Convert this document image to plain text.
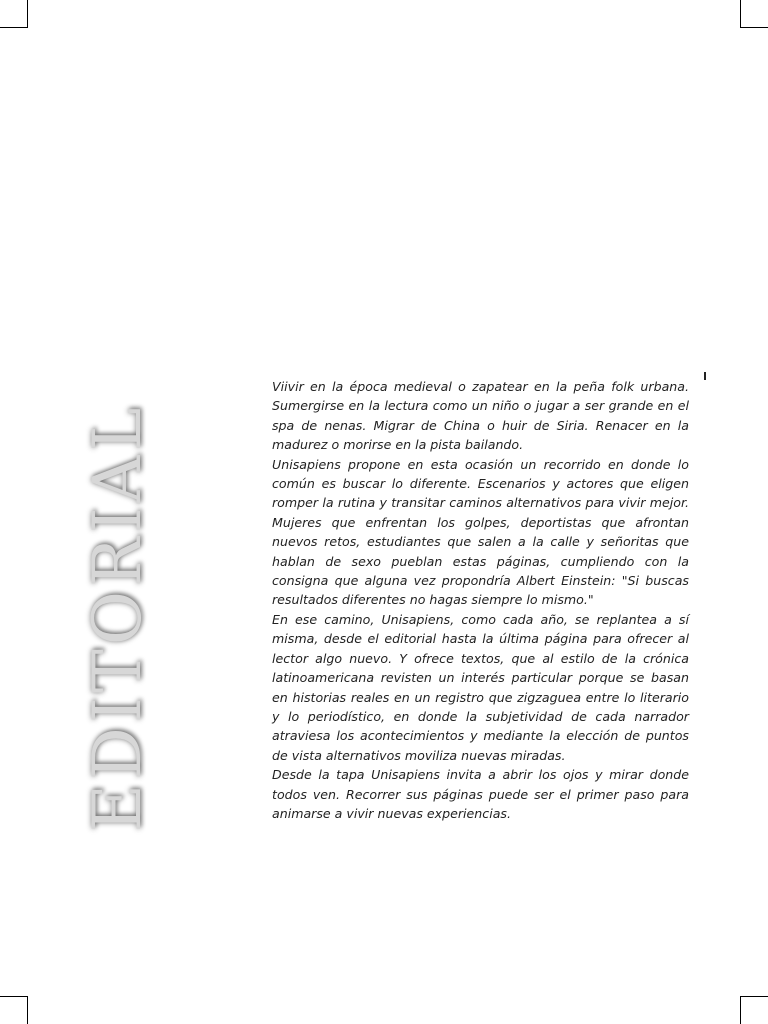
EDITORIAL

Viivir en la época medieval o zapatear en la peña folk urbana. Sumergirse en la lectura como un niño o jugar a ser grande en el spa de nenas. Migrar de China o huir de Siria. Renacer en la madurez o morirse en la pista bailando.

Unisapiens propone en esta ocasión un recorrido en donde lo común es buscar lo diferente. Escenarios y actores que eligen romper la rutina y transitar caminos alternativos para vivir mejor. Mujeres que enfrentan los golpes, deportistas que afrontan nuevos retos, estudiantes que salen a la calle y señoritas que hablan de sexo pueblan estas páginas, cumpliendo con la consigna que alguna vez propondría Albert Einstein: "Si buscas resultados diferentes no hagas siempre lo mismo."

En ese camino, Unisapiens, como cada año, se replantea a sí misma, desde el editorial hasta la última página para ofrecer al lector algo nuevo. Y ofrece textos, que al estilo de la crónica latinoamericana revisten un interés particular porque se basan en historias reales en un registro que zigzaguea entre lo literario y lo periodístico, en donde la subjetividad de cada narrador atraviesa los acontecimientos y mediante la elección de puntos de vista alternativos moviliza nuevas miradas.

Desde la tapa Unisapiens invita a abrir los ojos y mirar donde todos ven. Recorrer sus páginas puede ser el primer paso para animarse a vivir nuevas experiencias.
